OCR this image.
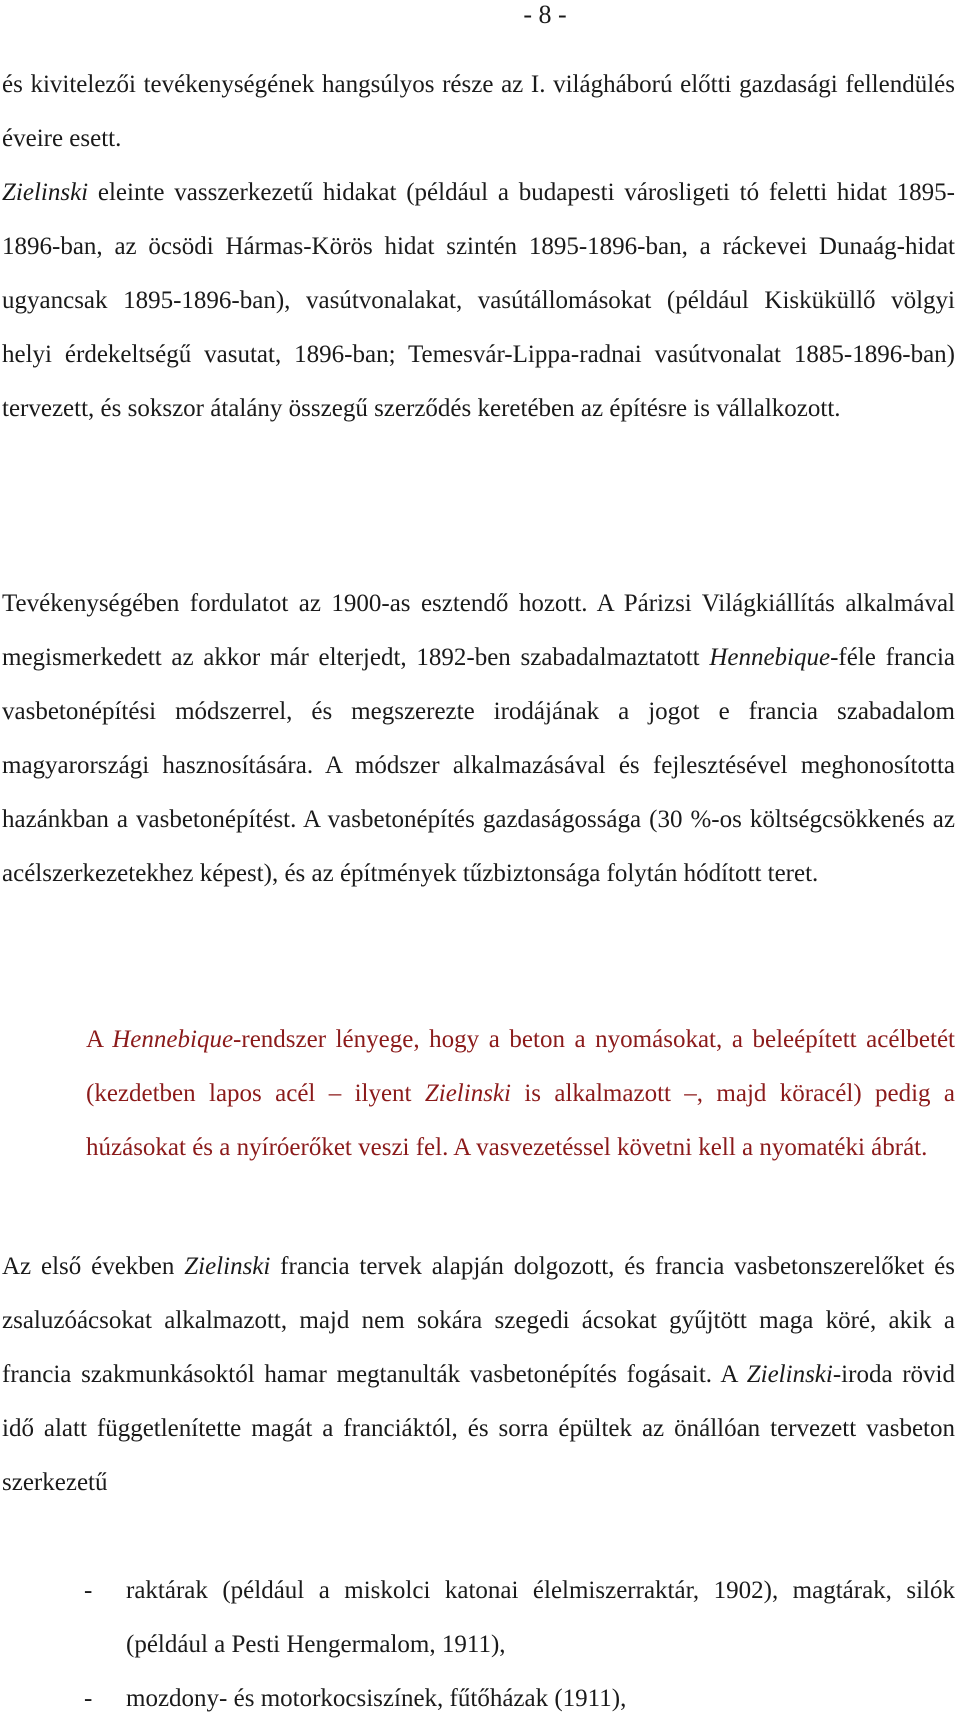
- 8 -

és kivitelezői tevékenységének hangsúlyos része az I. világháború előtti gazdasági fellendülés éveire esett.

Zielinski eleinte vasszerkezetű hidakat (például a budapesti városligeti tó feletti hidat 1895-1896-ban, az öcsödi Hármas-Körös hidat szintén 1895-1896-ban, a ráckevei Dunaág-hidat ugyancsak 1895-1896-ban), vasútvonalakat, vasútállomásokat (például Kisküküllő völgyi helyi érdekeltségű vasutat, 1896-ban; Temesvár-Lippa-radnai vasútvonalat 1885-1896-ban) tervezett, és sokszor átalány összegű szerződés keretében az építésre is vállalkozott.

Tevékenységében fordulatot az 1900-as esztendő hozott. A Párizsi Világkiállítás alkalmával megismerkedett az akkor már elterjedt, 1892-ben szabadalmaztatott Hennebique-féle francia vasbetonépítési módszerrel, és megszerezte irodájának a jogot e francia szabadalom magyarországi hasznosítására. A módszer alkalmazásával és fejlesztésével meghonosította hazánkban a vasbetonépítést. A vasbetonépítés gazdaságossága (30 %-os költségcsökkenés az acélszerkezetekhez képest), és az építmények tűzbiztonsága folytán hódított teret.

A Hennebique-rendszer lényege, hogy a beton a nyomásokat, a beleépített acélbetét (kezdetben lapos acél – ilyent Zielinski is alkalmazott –, majd köracél) pedig a húzásokat és a nyíróerőket veszi fel. A vasvezetéssel követni kell a nyomatéki ábrát.

Az első években Zielinski francia tervek alapján dolgozott, és francia vasbetonszerelőket és zsaluzóácsokat alkalmazott, majd nem sokára szegedi ácsokat gyűjtött maga köré, akik a francia szakmunkásoktól hamar megtanulták vasbetonépítés fogásait. A Zielinski-iroda rövid idő alatt függetlenítette magát a franciáktól, és sorra épültek az önállóan tervezett vasbeton szerkezetű

- raktárak (például a miskolci katonai élelmiszerraktár, 1902), magtárak, silók (például a Pesti Hengermalom, 1911),
- mozdony- és motorkocsiszínek, fűtőházak (1911),
